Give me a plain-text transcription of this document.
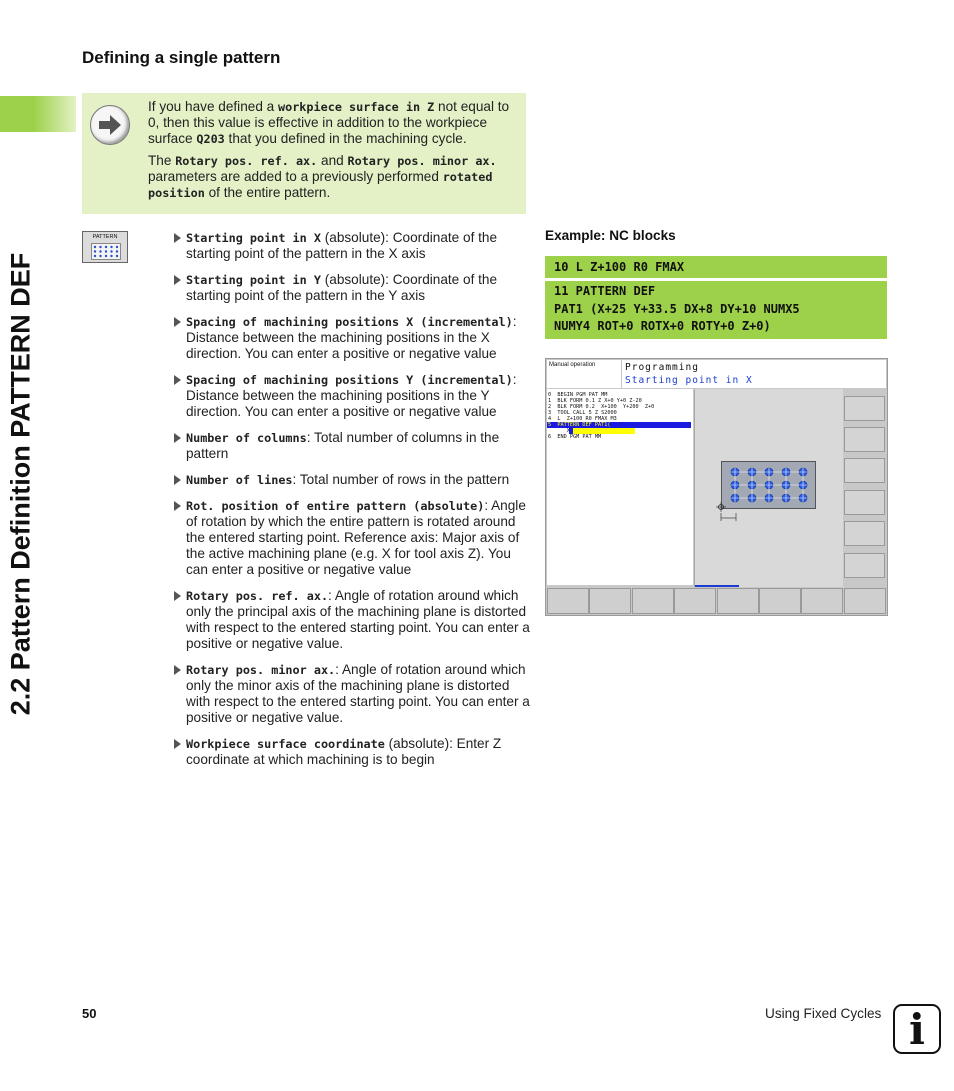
2.2 Pattern Definition PATTERN DEF
Defining a single pattern

If you have defined a workpiece surface in Z not equal to 0, then this value is effective in addition to the workpiece surface Q203 that you defined in the machining cycle.

The Rotary pos. ref. ax. and Rotary pos. minor ax. parameters are added to a previously performed rotated position of the entire pattern.

PATTERN	Starting point in X (absolute): Coordinate of the starting point of the pattern in the X axis
Starting point in Y (absolute): Coordinate of the starting point of the pattern in the Y axis
Spacing of machining positions X (incremental): Distance between the machining positions in the X direction. You can enter a positive or negative value
Spacing of machining positions Y (incremental): Distance between the machining positions in the Y direction. You can enter a positive or negative value
Number of columns: Total number of columns in the pattern
Number of lines: Total number of rows in the pattern
Rot. position of entire pattern (absolute): Angle of rotation by which the entire pattern is rotated around the entered starting point. Reference axis: Major axis of the active machining plane (e.g. X for tool axis Z). You can enter a positive or negative value
Rotary pos. ref. ax.: Angle of rotation around which only the principal axis of the machining plane is distorted with respect to the entered starting point. You can enter a positive or negative value.
Rotary pos. minor ax.: Angle of rotation around which only the minor axis of the machining plane is distorted with respect to the entered starting point. You can enter a positive or negative value.
Workpiece surface coordinate (absolute): Enter Z coordinate at which machining is to begin
Example: NC blocks
10 L Z+100 R0 FMAX
11 PATTERN DEF
PAT1 (X+25 Y+33.5 DX+8 DY+10 NUMX5
NUMY4 ROT+0 ROTX+0 ROTY+0 Z+0)
Manual operation	Programming
Starting point in X
0  BEGIN PGM PAT MM
1  BLK FORM 0.1 Z X+0 Y+0 Z-20
2  BLK FORM 0.2  X+100  Y+200  Z+0
3  TOOL CALL 5 Z S2000
4  L  Z+100 R0 FMAX M3
5  PATTERN DEF PAT1(
X
6  END PGM PAT MM
50	Using Fixed Cycles i
